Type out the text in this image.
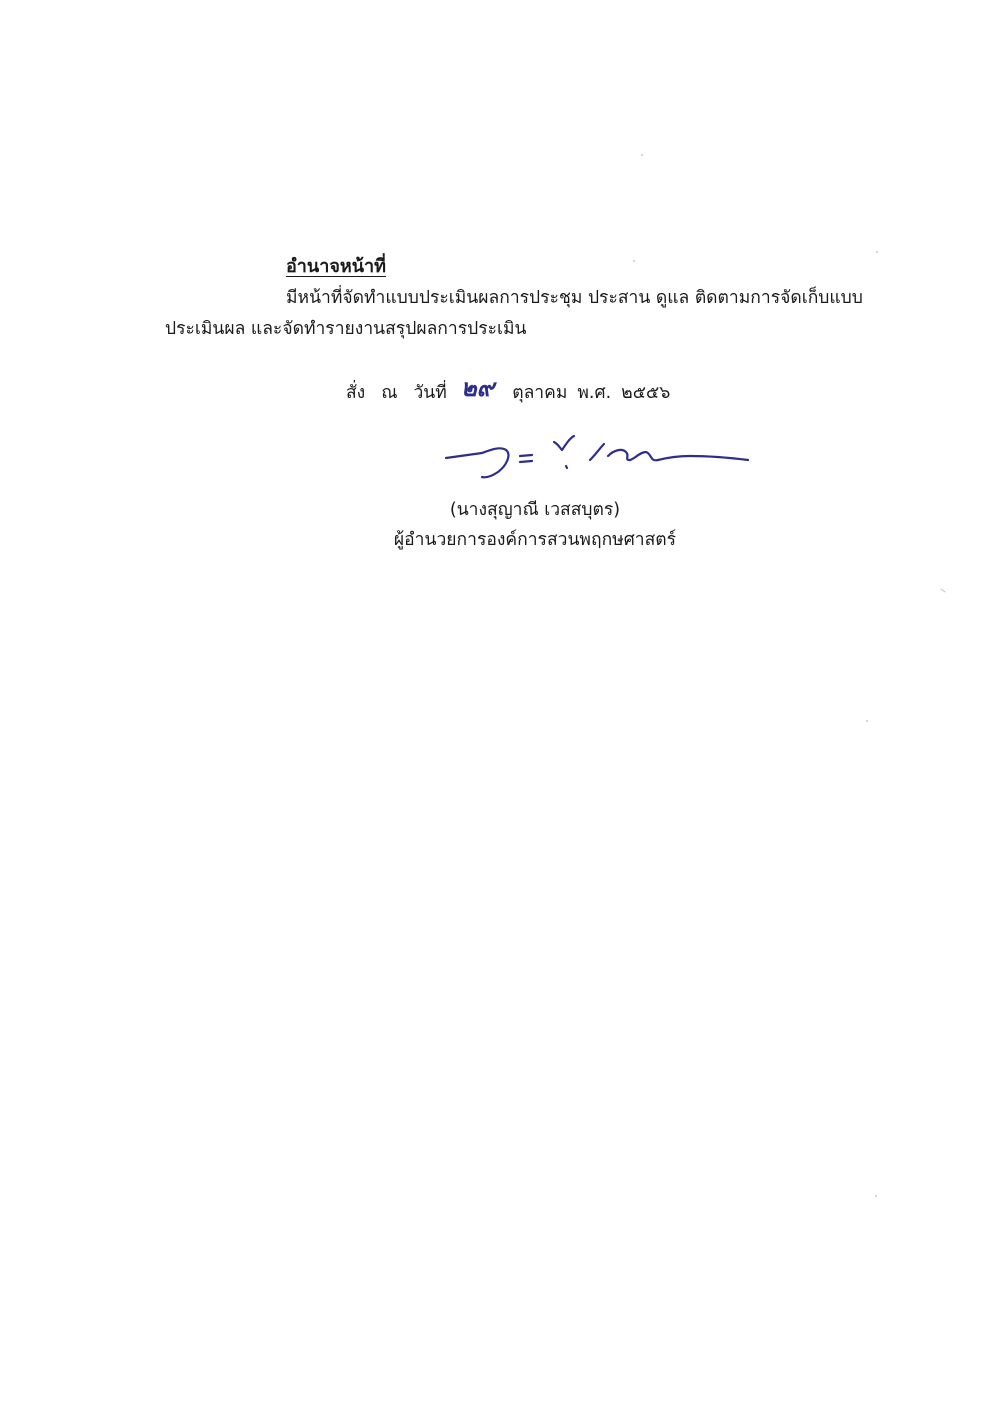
อำนาจหน้าที่
มีหน้าที่จัดทำแบบประเมินผลการประชุม ประสาน ดูแล ติดตามการจัดเก็บแบบ
ประเมินผล และจัดทำรายงานสรุปผลการประเมิน
สั่ง ณ วันที่ ๒๙ ตุลาคม พ.ศ. ๒๕๕๖
(นางสุญาณี เวสสบุตร)
ผู้อำนวยการองค์การสวนพฤกษศาสตร์
